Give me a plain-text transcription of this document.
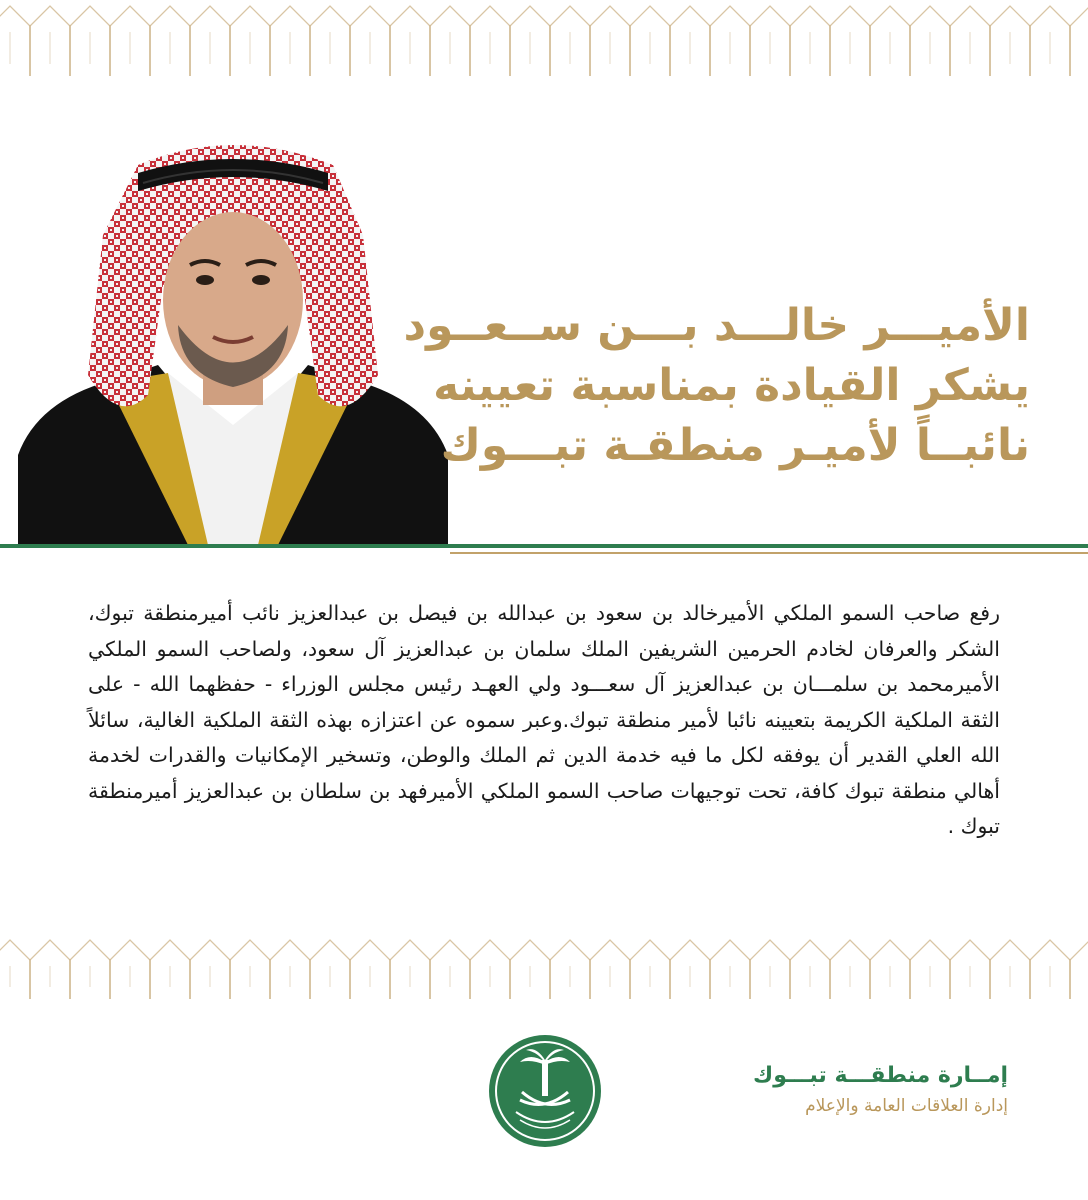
الأميـــر خالـــد بـــن ســعــود
يشكر القيادة بمناسبة تعيينه
نائبــاً لأميـر منطقـة تبـــوك
رفع صاحب السمو الملكي الأميرخالد بن سعود بن عبدالله بن فيصل بن عبدالعزيز نائب أميرمنطقة تبوك، الشكر والعرفان لخادم الحرمين الشريفين الملك سلمان بن عبدالعزيز آل سعود، ولصاحب السمو الملكي الأميرمحمد بن سلمـــان بن عبدالعزيز آل سعـــود ولي العهـد رئيس مجلس الوزراء - حفظهما الله - على الثقة الملكية الكريمة بتعيينه نائبا لأمير منطقة تبوك.وعبر سموه عن اعتزازه بهذه الثقة الملكية الغالية، سائلاً الله العلي القدير أن يوفقه لكل ما فيه خدمة الدين ثم الملك والوطن، وتسخير الإمكانيات والقدرات لخدمة أهالي منطقة تبوك كافة، تحت توجيهات صاحب السمو الملكي الأميرفهد بن سلطان بن عبدالعزيز أميرمنطقة تبوك .
إمــارة منطقـــة تبـــوك
إدارة العلاقات العامة والإعلام
